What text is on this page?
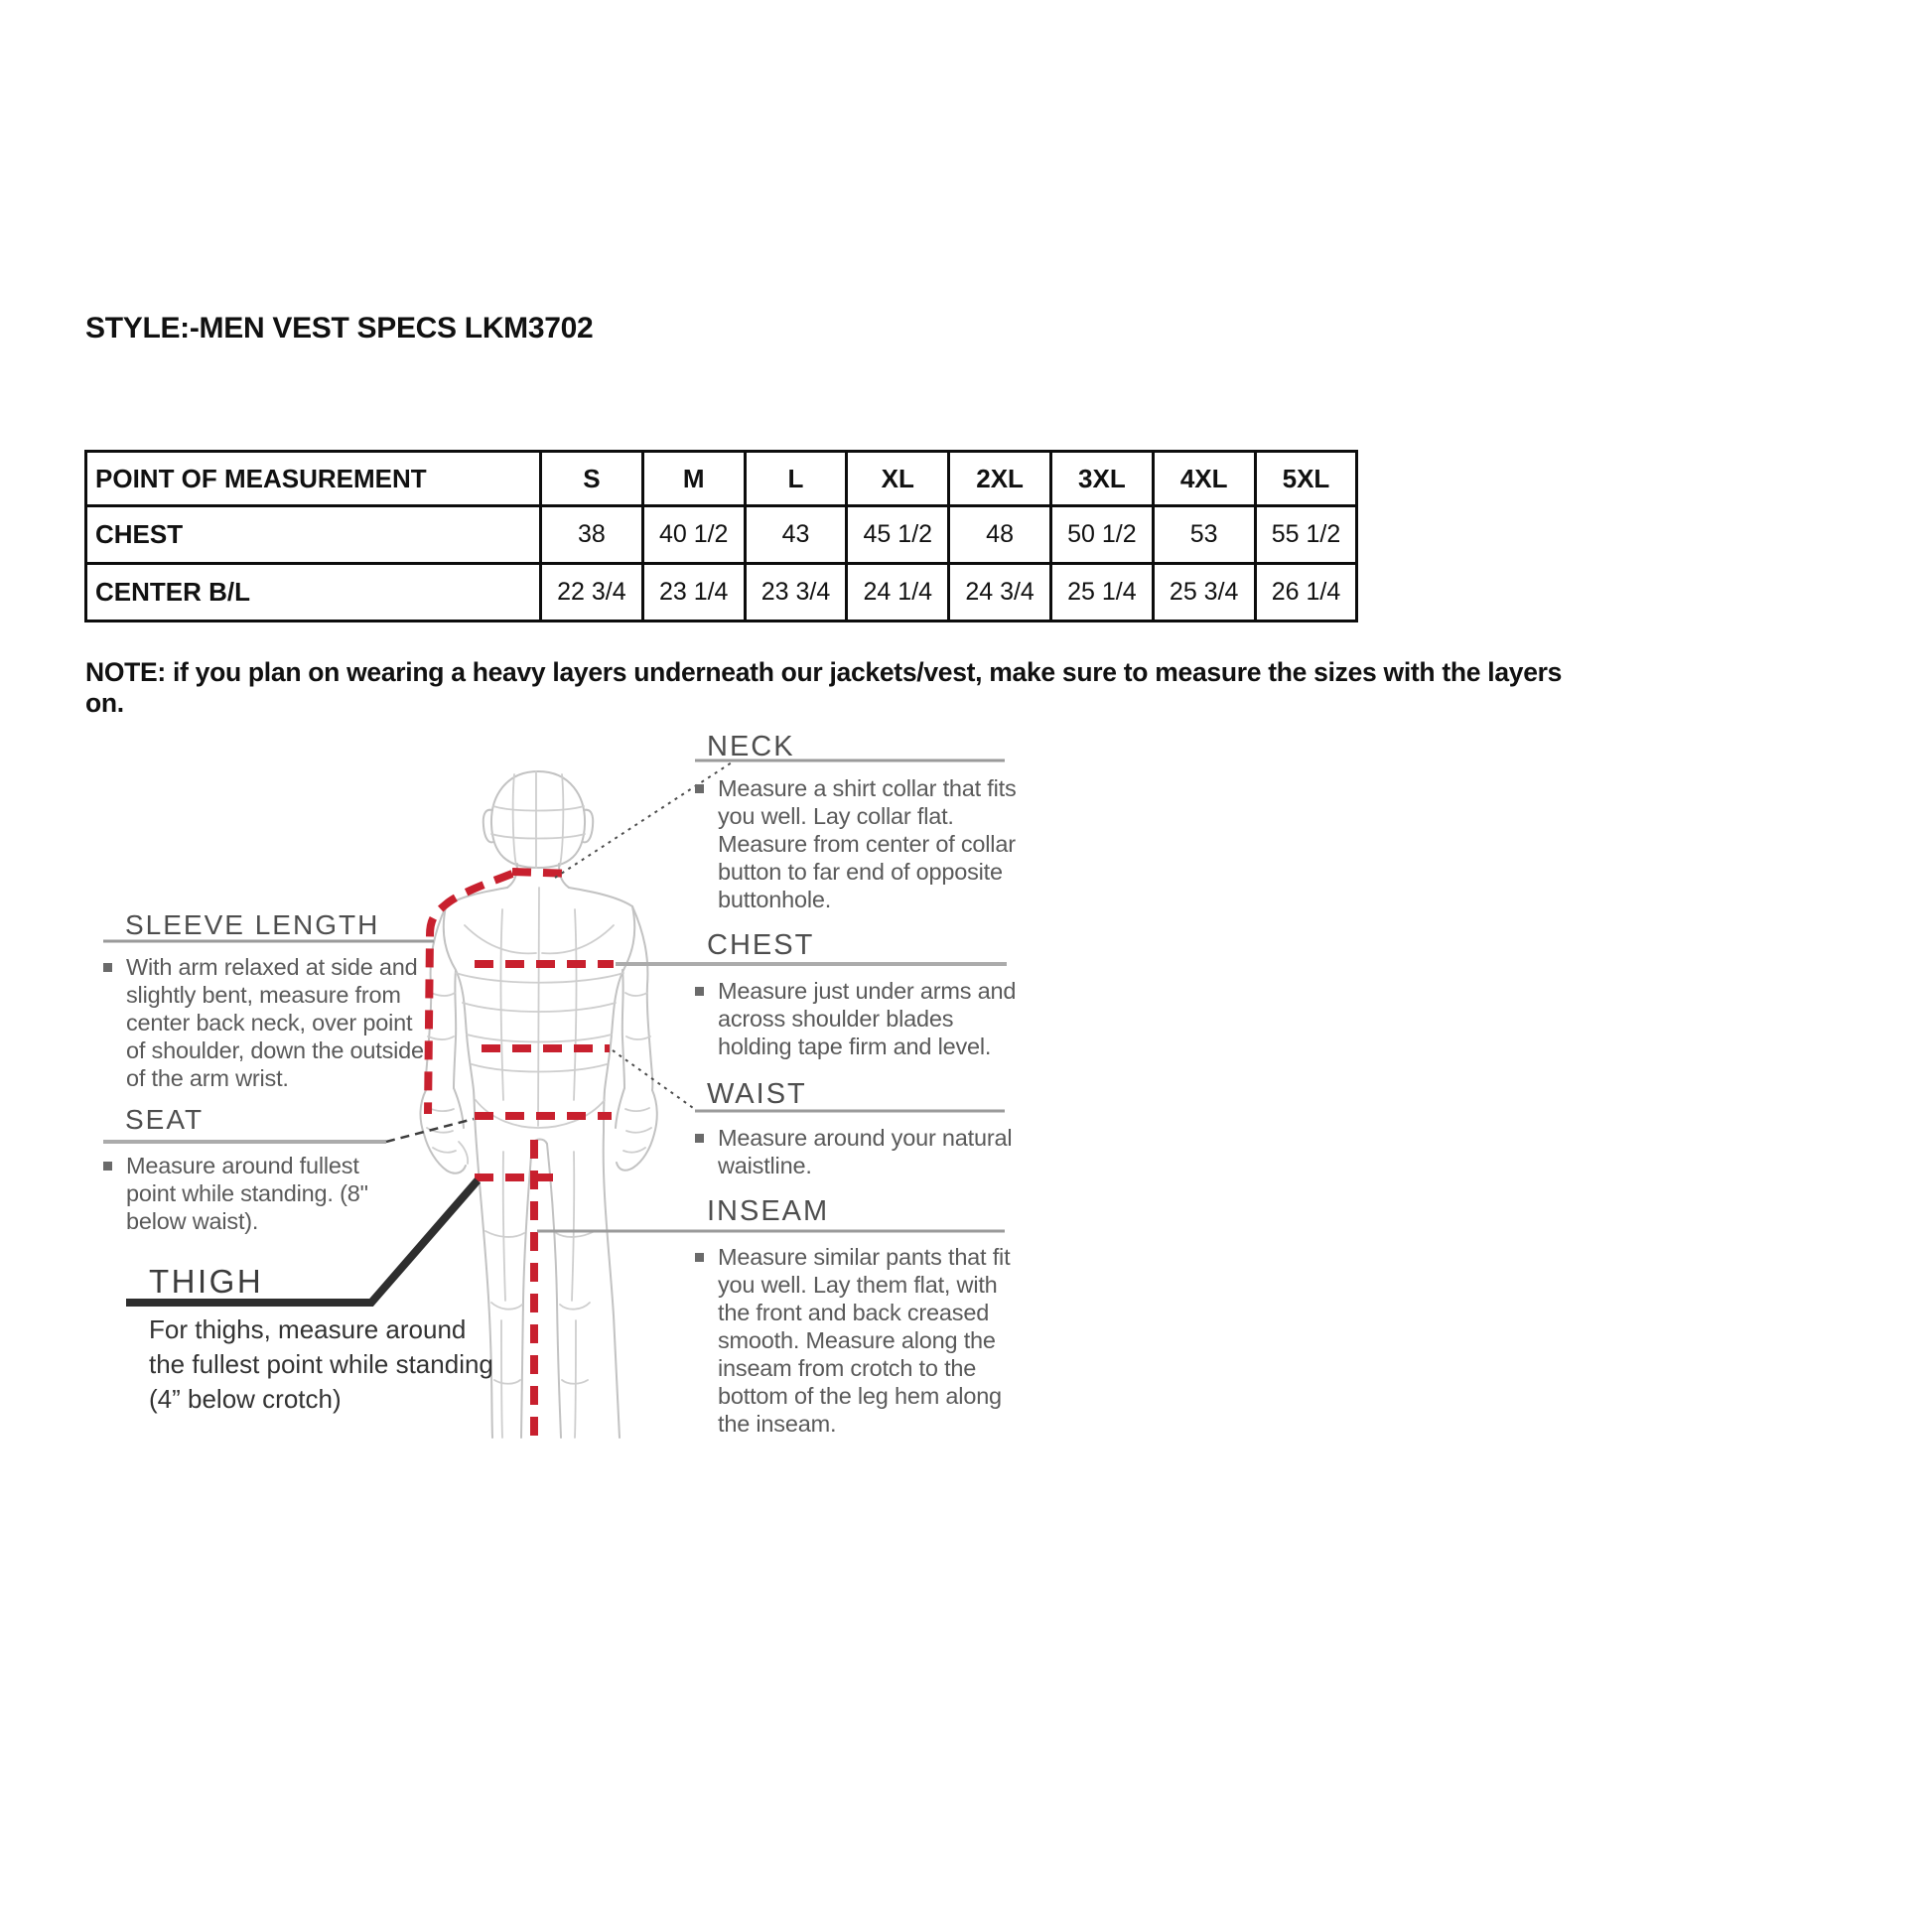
STYLE:-MEN VEST SPECS LKM3702
POINT OF MEASUREMENT	S	M	L	XL	2XL	3XL	4XL	5XL
CHEST	38	40 1/2	43	45 1/2	48	50 1/2	53	55 1/2
CENTER B/L	22 3/4	23 1/4	23 3/4	24 1/4	24 3/4	25 1/4	25 3/4	26 1/4
NOTE: if you plan on wearing a heavy layers underneath our jackets/vest, make sure to measure the sizes with the layers on.
NECK

Measure a shirt collar that fits you well. Lay collar flat. Measure from center of collar button to far end of opposite buttonhole.

CHEST

Measure just under arms and across shoulder blades holding tape firm and level.

WAIST

Measure around your natural waistline.

INSEAM

Measure similar pants that fit you well. Lay them flat, with the front and back creased smooth. Measure along the inseam from crotch to the bottom of the leg hem along the inseam.

SLEEVE LENGTH

With arm relaxed at side and slightly bent, measure from center back neck, over point of shoulder, down the outside of the arm wrist.

SEAT

Measure around fullest point while standing. (8" below waist).

THIGH

For thighs, measure around the fullest point while standing (4” below crotch)
